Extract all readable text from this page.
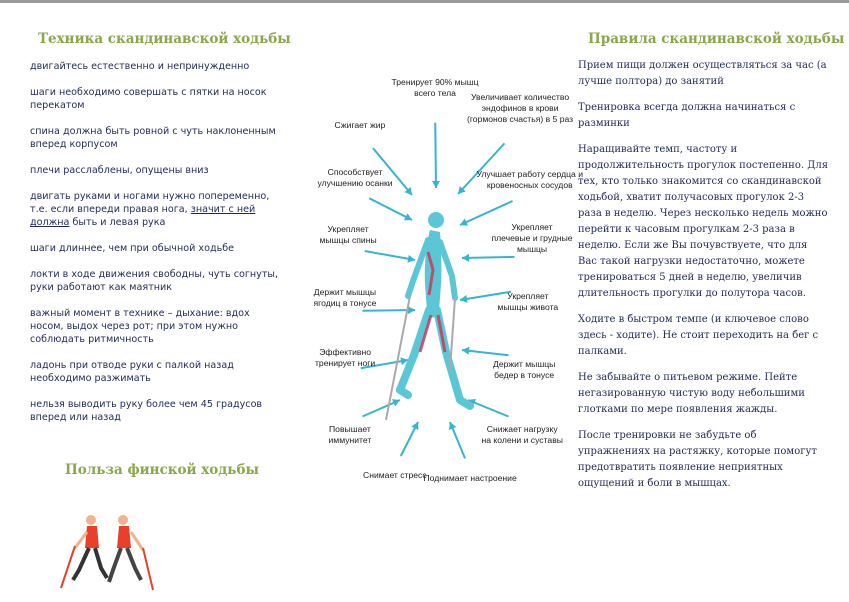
Техника скандинавской ходьбы	Правила скандинавской ходьбы
Польза финской ходьбы

двигайтесь естественно и непринужденно

шаги необходимо совершать с пятки на носок перекатом

спина должна быть ровной с чуть наклоненным вперед корпусом

плечи расслаблены, опущены вниз

двигать руками и ногами нужно попеременно, т.е. если впереди правая нога, значит с ней должна быть и левая рука

шаги длиннее, чем при обычной ходьбе

локти в ходе движения свободны, чуть согнуты, руки работают как маятник

важный момент в технике – дыхание: вдох носом, выдох через рот; при этом нужно соблюдать ритмичность

ладонь при отводе руки с палкой назад необходимо разжимать

нельзя выводить руку более чем 45 градусов вперед или назад

Прием пищи должен осуществляться за час (а лучше полтора) до занятий

Тренировка всегда должна начинаться с разминки

Наращивайте темп, частоту и продолжительность прогулок постепенно. Для тех, кто только знакомится со скандинавской ходьбой, хватит получасовых прогулок 2-3 раза в неделю. Через несколько недель можно перейти к часовым прогулкам 2-3 раза в неделю. Если же Вы почувствуете, что для Вас такой нагрузки недостаточно, можете тренироваться 5 дней в неделю, увеличив длительность прогулки до полутора часов.

Ходите в быстром темпе (и ключевое слово здесь - ходите). Не стоит переходить на бег с палками.

Не забывайте о питьевом режиме. Пейте негазированную чистую воду небольшими глотками по мере появления жажды.

После тренировки не забудьте об упражнениях на растяжку, которые помогут предотвратить появление неприятных ощущений и боли в мышцах.

Тренирует 90% мышц
всего тела	Увеличивает количество
эндофинов в крови
(гормонов счастья) в 5 раз
Сжигает жир
Способствует
улучшению осанки
Улучшает работу сердца и
кровеносных сосудов
Укрепляет
мышцы спины
Укрепляет
плечевые и грудные
мышцы
Держит мышцы
ягодиц в тонусе
Укрепляет
мышцы живота
Эффективно
тренирует ноги	Держит мышцы
бедер в тонусе
Повышает
иммунитет
Снижает нагрузку
на колени и суставы
Снимает стресс
Поднимает настроение
